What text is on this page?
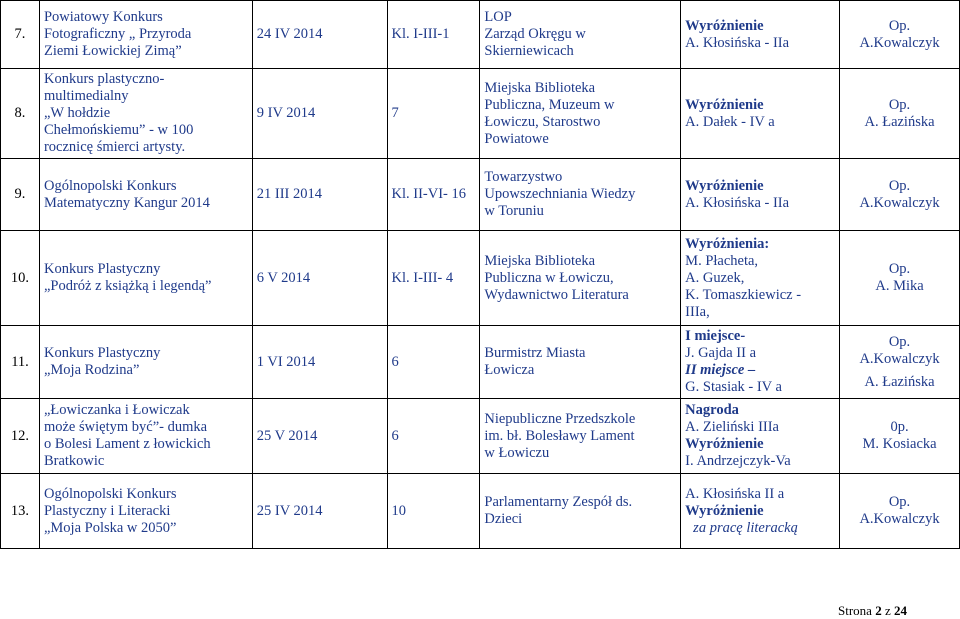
7.	Powiatowy Konkurs
Fotograficzny „ Przyroda
Ziemi Łowickiej Zimą”	24 IV 2014	Kl. I-III-1	LOP
Zarząd Okręgu w
Skierniewicach	Wyróżnienie
A. Kłosińska - IIa	Op.
A.Kowalczyk

8.	Konkurs plastyczno-
multimedialny
„W hołdzie
Chełmońskiemu” - w 100
rocznicę śmierci artysty.	9 IV 2014	7	Miejska Biblioteka
Publiczna, Muzeum w
Łowiczu, Starostwo
Powiatowe	Wyróżnienie
A. Dałek - IV a	Op.
A. Łazińska

9.	Ogólnopolski Konkurs
Matematyczny Kangur 2014	21 III 2014	Kl. II-VI- 16	Towarzystwo
Upowszechniania Wiedzy
w Toruniu	Wyróżnienie
A. Kłosińska - IIa	Op.
A.Kowalczyk

10.	Konkurs Plastyczny
„Podróż z książką i legendą”	6 V 2014	Kl. I-III- 4	Miejska Biblioteka
Publiczna w Łowiczu,
Wydawnictwo Literatura	Wyróżnienia:
M. Płacheta,
A. Guzek,
K. Tomaszkiewicz -
IIIa,	Op.
A. Mika

11.	Konkurs Plastyczny
„Moja Rodzina”	1 VI 2014	6	Burmistrz Miasta
Łowicza	I miejsce-
J. Gajda II a
II miejsce –
G. Stasiak - IV a	Op.
A.Kowalczyk
A. Łazińska

12.	„Łowiczanka i Łowiczak
może świętym być”- dumka
o Bolesi Lament z łowickich
Bratkowic	25 V 2014	6	Niepubliczne Przedszkole
im. bł. Bolesławy Lament
w Łowiczu	Nagroda
A. Zieliński IIIa
Wyróżnienie
I. Andrzejczyk-Va	0p.
M. Kosiacka

13.	Ogólnopolski Konkurs
Plastyczny i Literacki
„Moja Polska w 2050”	25 IV 2014	10	Parlamentarny Zespół ds.
Dzieci	A. Kłosińska II a
Wyróżnienie
za pracę literacką	Op.
A.Kowalczyk
Strona 2 z 24
